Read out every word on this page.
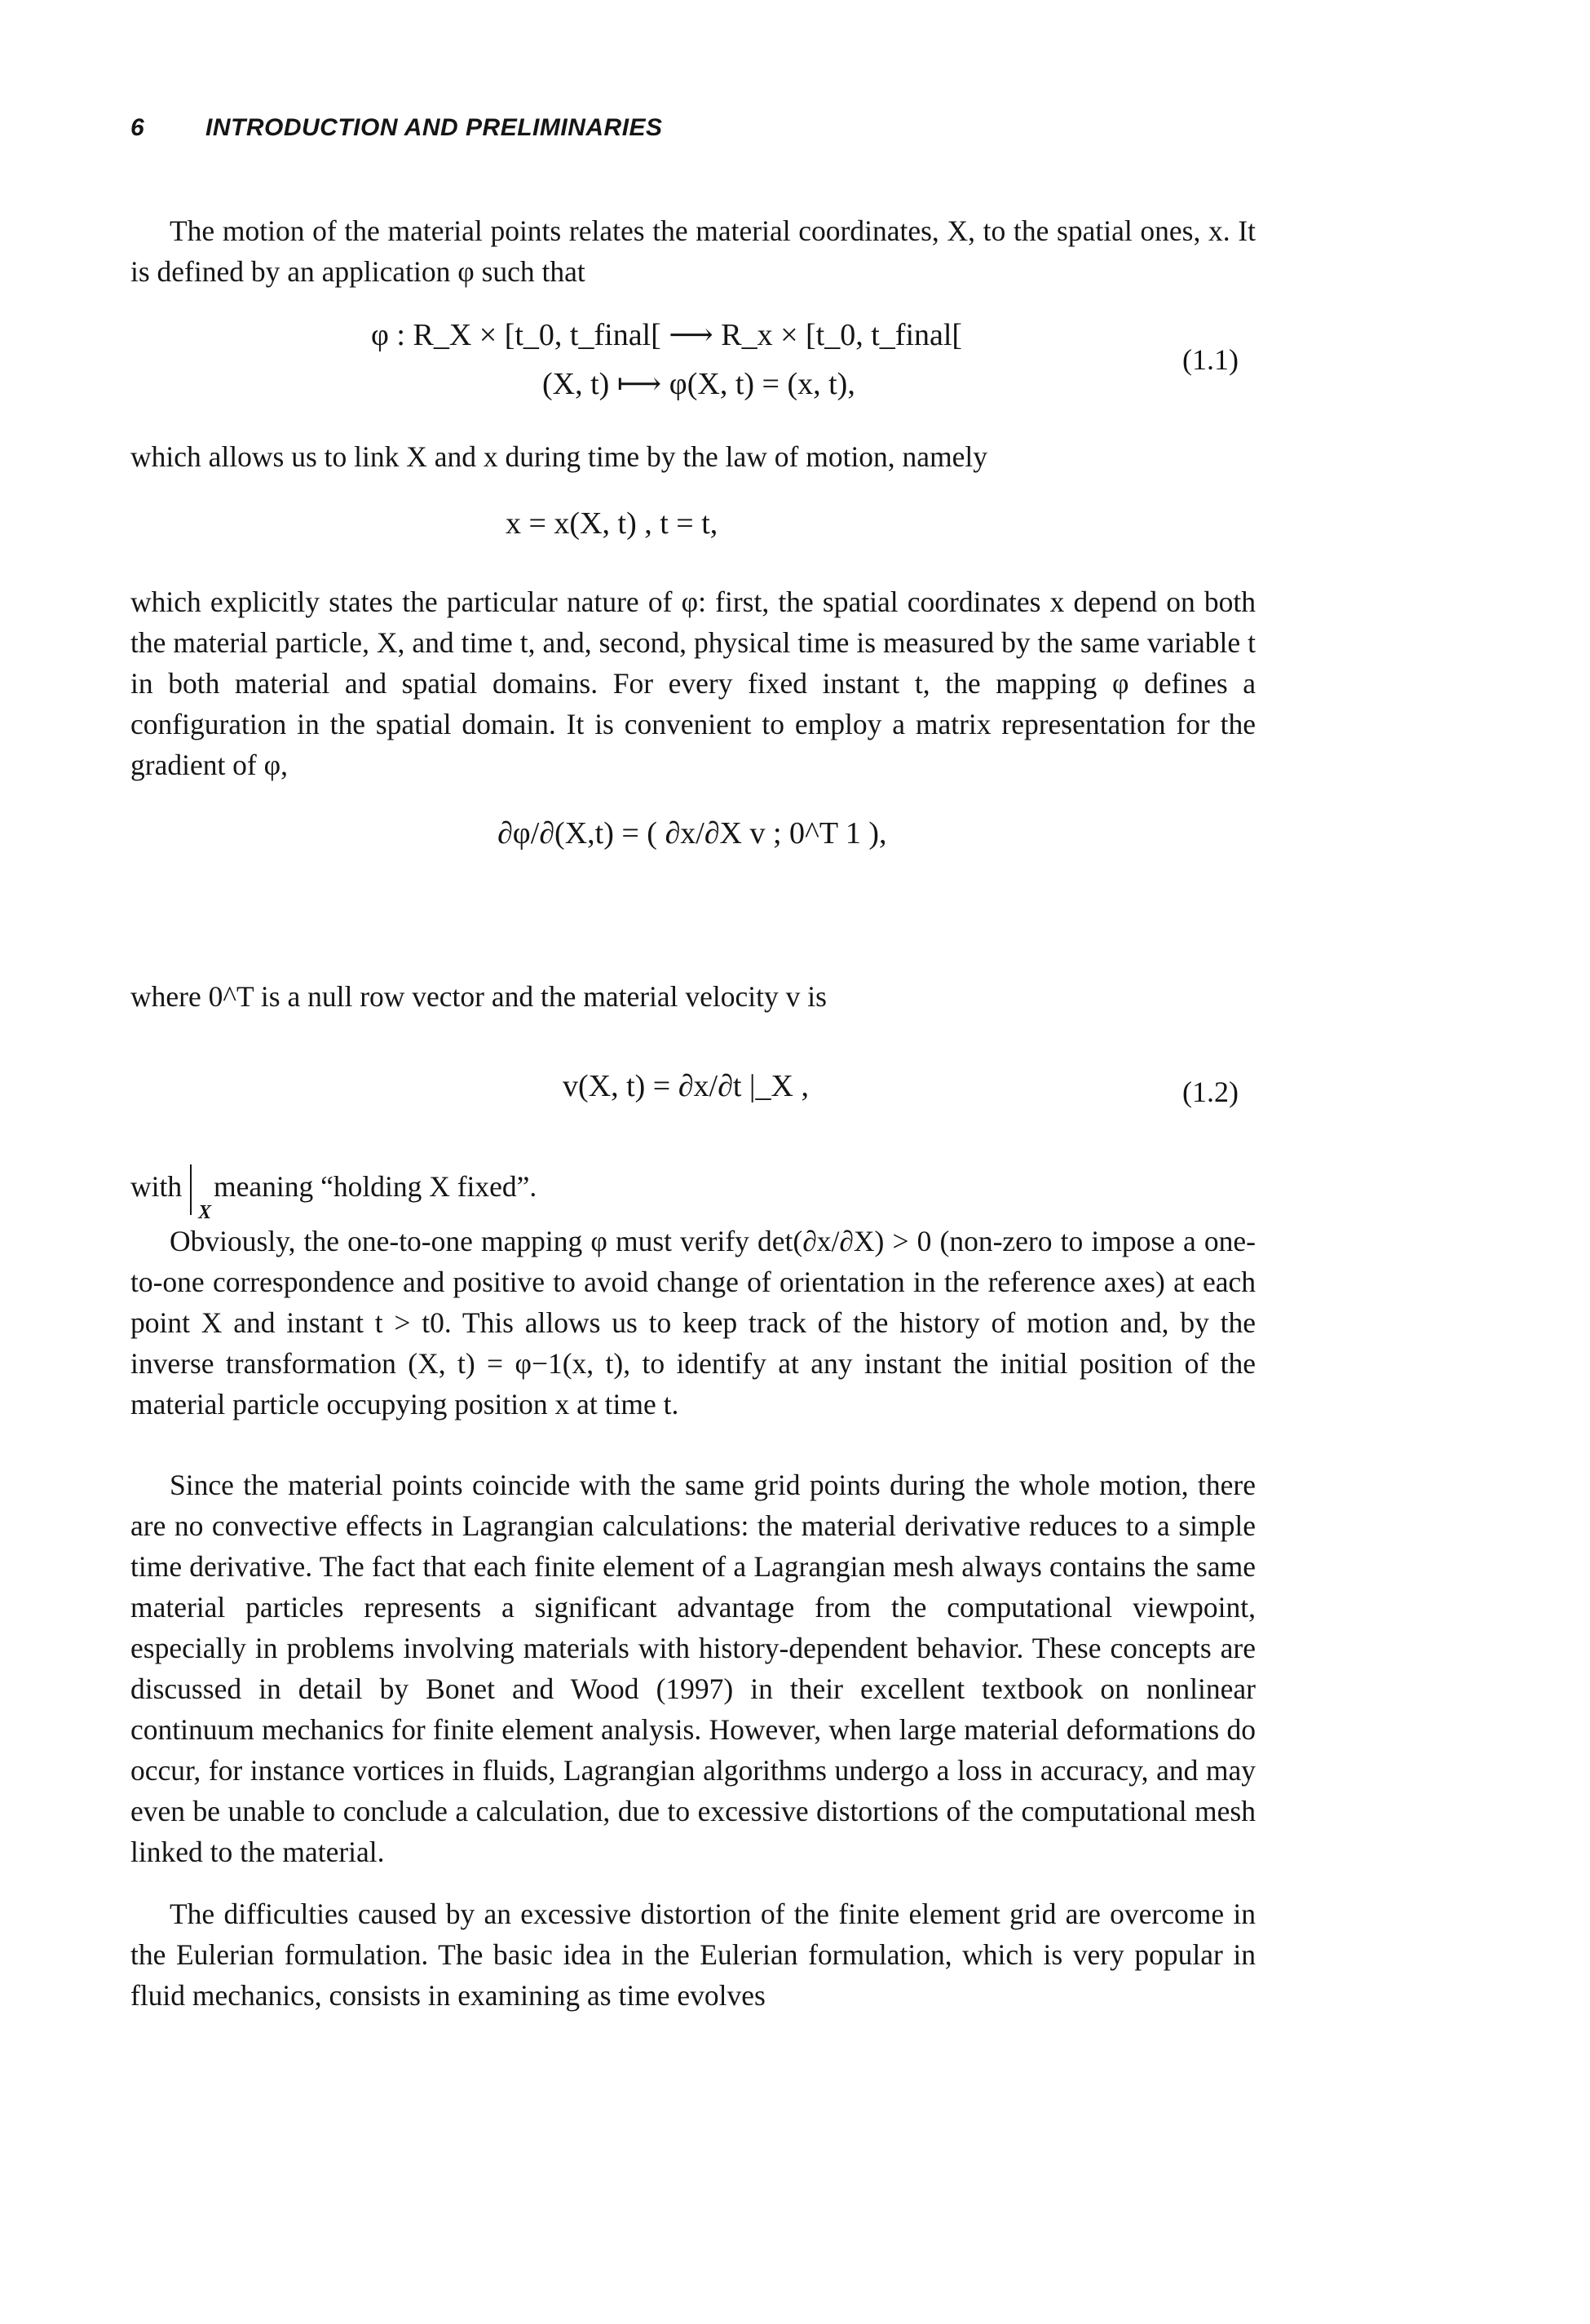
6 INTRODUCTION AND PRELIMINARIES

The motion of the material points relates the material coordinates, X, to the spatial ones, x. It is defined by an application φ such that

φ : R_X × [t_0, t_final[ ⟶ R_x × [t_0, t_final[
(X, t) ⟼ φ(X, t) = (x, t),
(1.1)

which allows us to link X and x during time by the law of motion, namely

x = x(X, t) , t = t,

which explicitly states the particular nature of φ: first, the spatial coordinates x depend on both the material particle, X, and time t, and, second, physical time is measured by the same variable t in both material and spatial domains. For every fixed instant t, the mapping φ defines a configuration in the spatial domain. It is convenient to employ a matrix representation for the gradient of φ,

∂φ/∂(X,t) = ( ∂x/∂X v ; 0^T 1 ),

where 0^T is a null row vector and the material velocity v is

v(X, t) = ∂x/∂t |_X ,	(1.2)
with
X
meaning “holding X fixed”.

Obviously, the one-to-one mapping φ must verify det(∂x/∂X) > 0 (non-zero to impose a one-to-one correspondence and positive to avoid change of orientation in the reference axes) at each point X and instant t > t0. This allows us to keep track of the history of motion and, by the inverse transformation (X, t) = φ−1(x, t), to identify at any instant the initial position of the material particle occupying position x at time t.

Since the material points coincide with the same grid points during the whole motion, there are no convective effects in Lagrangian calculations: the material derivative reduces to a simple time derivative. The fact that each finite element of a Lagrangian mesh always contains the same material particles represents a significant advantage from the computational viewpoint, especially in problems involving materials with history-dependent behavior. These concepts are discussed in detail by Bonet and Wood (1997) in their excellent textbook on nonlinear continuum mechanics for finite element analysis. However, when large material deformations do occur, for instance vortices in fluids, Lagrangian algorithms undergo a loss in accuracy, and may even be unable to conclude a calculation, due to excessive distortions of the computational mesh linked to the material.

The difficulties caused by an excessive distortion of the finite element grid are overcome in the Eulerian formulation. The basic idea in the Eulerian formulation, which is very popular in fluid mechanics, consists in examining as time evolves
